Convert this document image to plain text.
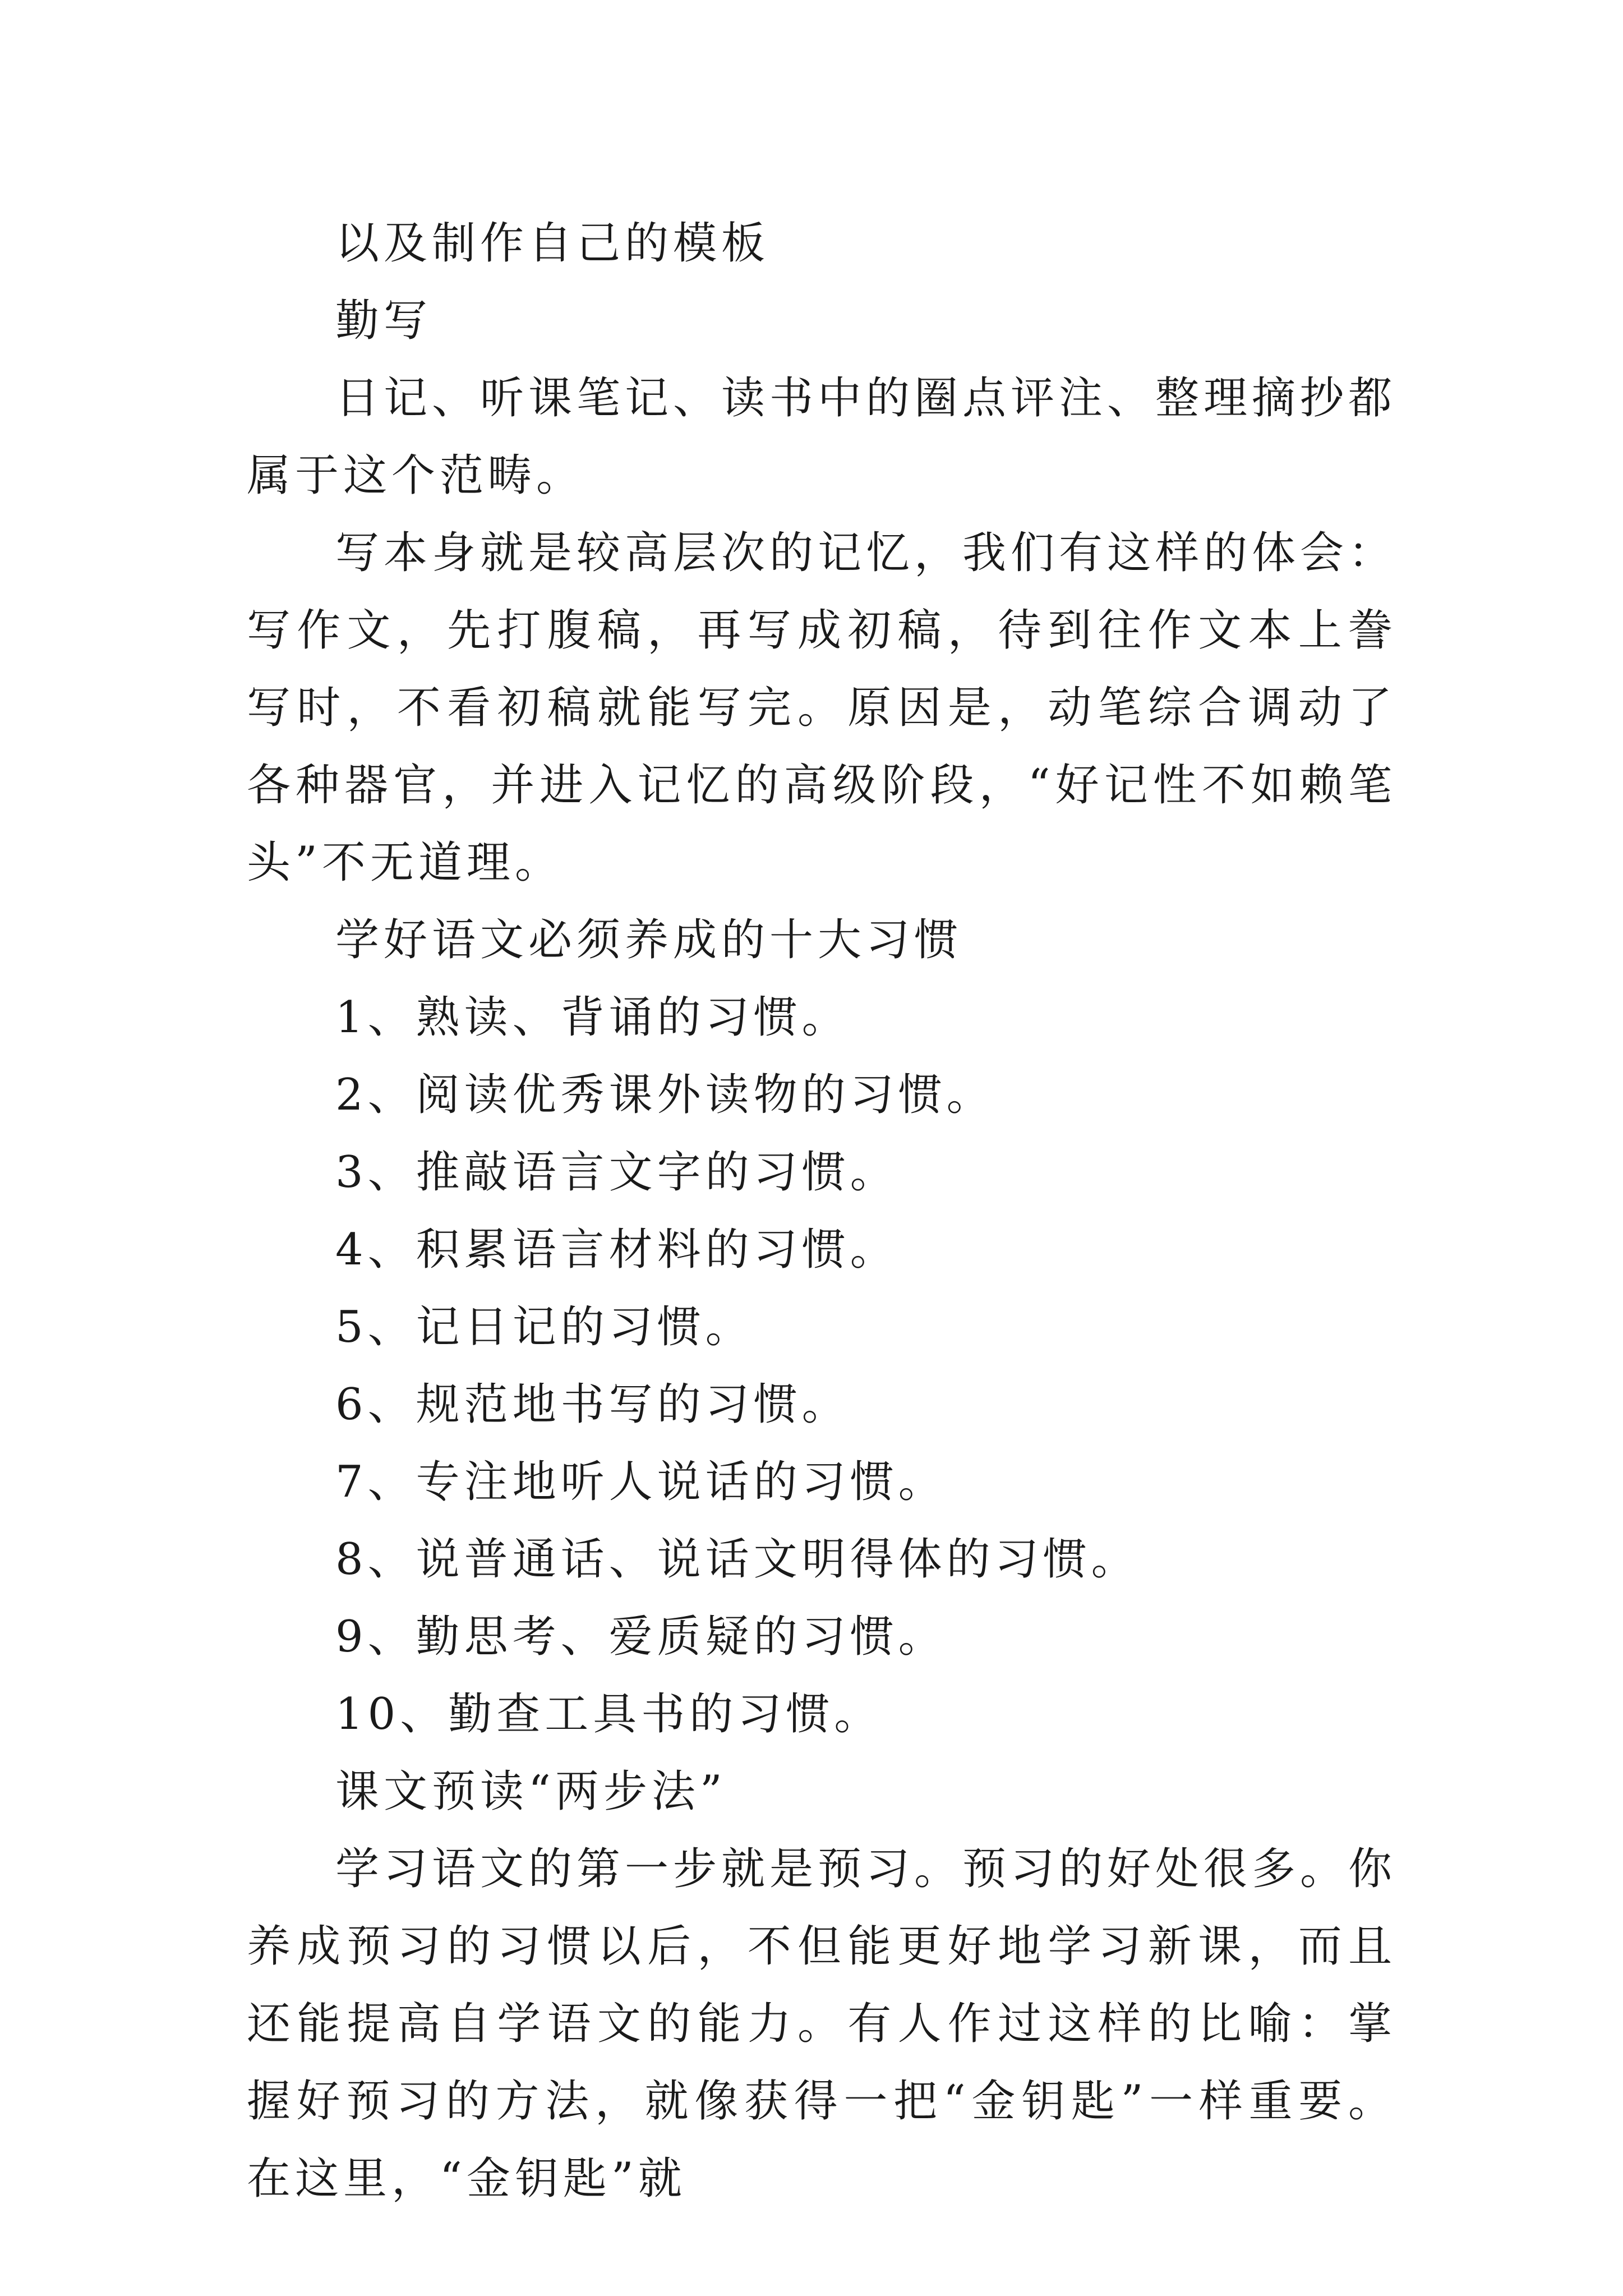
以及制作自己的模板

勤写

日记、听课笔记、读书中的圈点评注、整理摘抄都属于这个范畴。

写本身就是较高层次的记忆，我们有这样的体会：写作文，先打腹稿，再写成初稿，待到往作文本上誊写时，不看初稿就能写完。原因是，动笔综合调动了各种器官，并进入记忆的高级阶段，“好记性不如赖笔头”不无道理。

学好语文必须养成的十大习惯

1、熟读、背诵的习惯。

2、阅读优秀课外读物的习惯。

3、推敲语言文字的习惯。

4、积累语言材料的习惯。

5、记日记的习惯。

6、规范地书写的习惯。

7、专注地听人说话的习惯。

8、说普通话、说话文明得体的习惯。

9、勤思考、爱质疑的习惯。

10、勤查工具书的习惯。

课文预读“两步法”

学习语文的第一步就是预习。预习的好处很多。你养成预习的习惯以后，不但能更好地学习新课，而且还能提高自学语文的能力。有人作过这样的比喻：掌握好预习的方法，就像获得一把“金钥匙”一样重要。在这里，“金钥匙”就
